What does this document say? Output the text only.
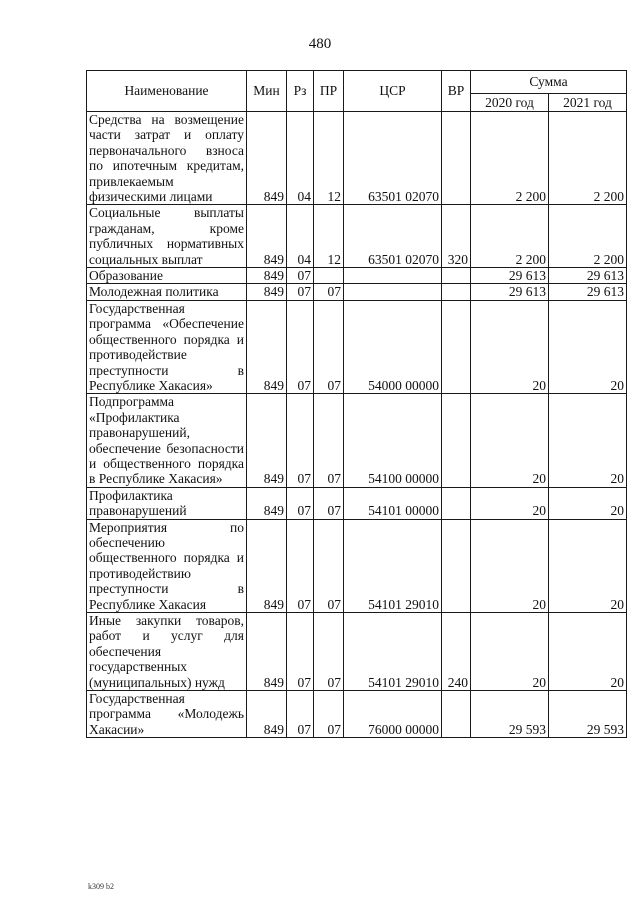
480
Наименование	Мин	Рз	ПР	ЦСР	ВР	Сумма	
						2020 год	2021 год
Средства на возмещение части затрат и оплату первоначального взноса по ипотечным кредитам, привлекаемым физическими лицами	849	04	12	63501 02070		2 200	2 200
Социальные выплаты гражданам, кроме публичных нормативных социальных выплат	849	04	12	63501 02070	320	2 200	2 200
Образование	849	07				29 613	29 613
Молодежная политика	849	07	07			29 613	29 613
Государственная программа «Обеспечение общественного порядка и противодействие преступности в Республике Хакасия»	849	07	07	54000 00000		20	20
Подпрограмма «Профилактика правонарушений, обеспечение безопасности и общественного порядка в Республике Хакасия»	849	07	07	54100 00000		20	20
Профилактика правонарушений	849	07	07	54101 00000		20	20
Мероприятия по обеспечению общественного порядка и противодействию преступности в Республике Хакасия	849	07	07	54101 29010		20	20
Иные закупки товаров, работ и услуг для обеспечения государственных (муниципальных) нужд	849	07	07	54101 29010	240	20	20
Государственная программа «Молодежь Хакасии»	849	07	07	76000 00000		29 593	29 593
k309 b2
